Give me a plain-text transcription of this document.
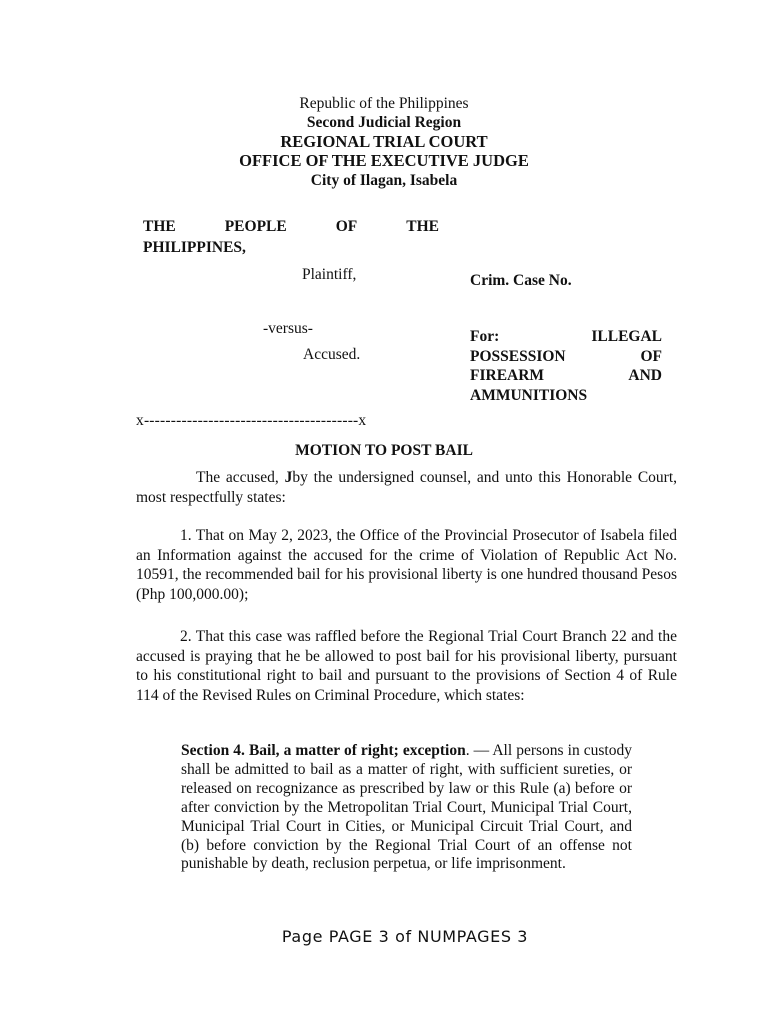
Republic of the Philippines
Second Judicial Region
REGIONAL TRIAL COURT
OFFICE OF THE EXECUTIVE JUDGE
City of Ilagan, Isabela
THE	PEOPLE	OF	THE
PHILIPPINES,
Plaintiff,
-versus-
Accused.
Crim. Case No.
For:	ILLEGAL
POSSESSION	OF
FIREARM	AND
AMMUNITIONS
x----------------------------------------x
MOTION TO POST BAIL
The accused, Jby the undersigned counsel, and unto this Honorable Court, most respectfully states:
1. That on May 2, 2023, the Office of the Provincial Prosecutor of Isabela filed an Information against the accused for the crime of Violation of Republic Act No. 10591, the recommended bail for his provisional liberty is one hundred thousand Pesos (Php 100,000.00);
2. That this case was raffled before the Regional Trial Court Branch 22 and the accused is praying that he be allowed to post bail for his provisional liberty, pursuant to his constitutional right to bail and pursuant to the provisions of Section 4 of Rule 114 of the Revised Rules on Criminal Procedure, which states:
Section 4. Bail, a matter of right; exception. — All persons in custody shall be admitted to bail as a matter of right, with sufficient sureties, or released on recognizance as prescribed by law or this Rule (a) before or after conviction by the Metropolitan Trial Court, Municipal Trial Court, Municipal Trial Court in Cities, or Municipal Circuit Trial Court, and (b) before conviction by the Regional Trial Court of an offense not punishable by death, reclusion perpetua, or life imprisonment.
Page PAGE 3 of NUMPAGES 3
